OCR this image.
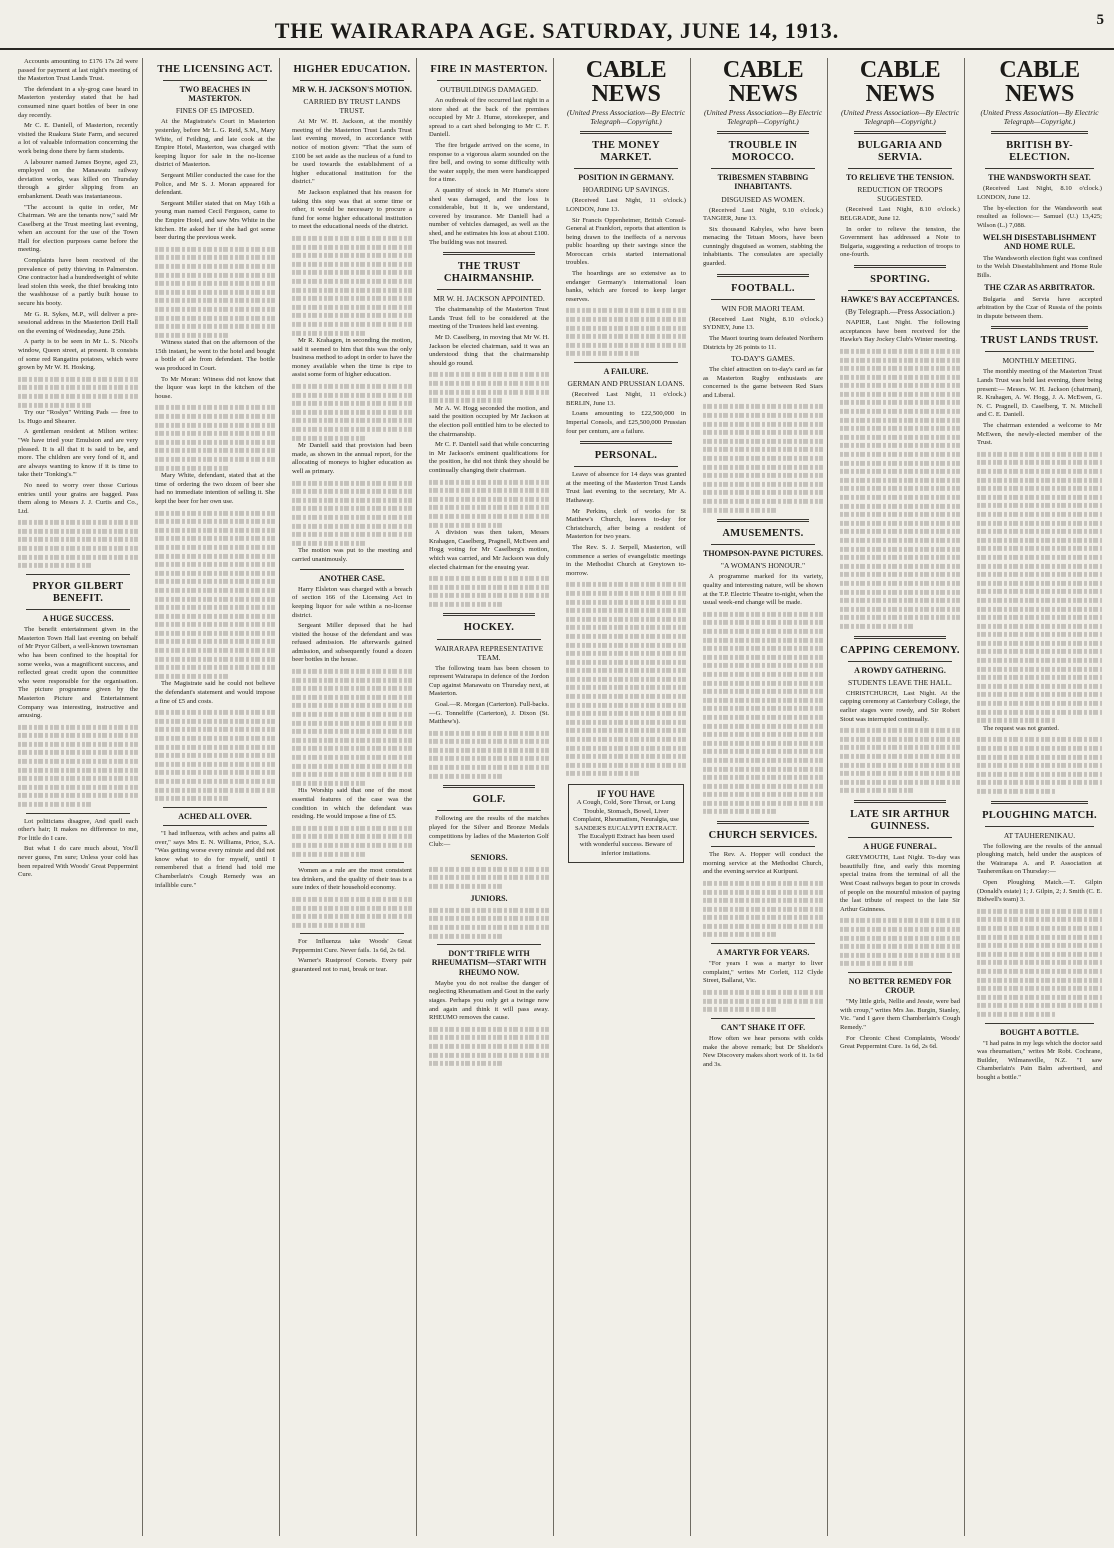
THE WAIRARAPA AGE. SATURDAY, JUNE 14, 1913.	5

Accounts amounting to £176 17s 2d were passed for payment at last night's meeting of the Masterton Trust Lands Trust.

The defendant in a sly-grog case heard in Masterton yesterday stated that he had consumed nine quart bottles of beer in one day recently.

Mr C. E. Daniell, of Masterton, recently visited the Ruakura State Farm, and secured a lot of valuable information concerning the work being done there by farm students.

A labourer named James Boyne, aged 23, employed on the Manawatu railway deviation works, was killed on Thursday through a girder slipping from an embankment. Death was instantaneous.

"The account is quite in order, Mr Chairman. We are the tenants now," said Mr Caselberg at the Trust meeting last evening, when an account for the use of the Town Hall for election purposes came before the meeting.

Complaints have been received of the prevalence of petty thieving in Palmerston. One contractor had a hundredweight of white lead stolen this week, the thief breaking into the washhouse of a partly built house to secure his booty.

Mr G. R. Sykes, M.P., will deliver a pre-sessional address in the Masterton Drill Hall on the evening of Wednesday, June 25th.

A party is to be seen in Mr L. S. Nicol's window, Queen street, at present. It consists of some red Rangatira potatoes, which were grown by Mr W. H. Hosking.

Try our "Roslyn" Writing Pads — free to 1s. Hugo and Shearer.

A gentleman resident at Milton writes: "We have tried your Emulsion and are very pleased. It is all that it is said to be, and more. The children are very fond of it, and are always wanting to know if it is time to take their 'Tonking's.'"

No need to worry over those Curious entries until your grains are bagged. Pass them along to Messrs J. J. Curtis and Co., Ltd.

PRYOR GILBERT BENEFIT.
A HUGE SUCCESS.

The benefit entertainment given in the Masterton Town Hall last evening on behalf of Mr Pryor Gilbert, a well-known townsman who has been confined to the hospital for some weeks, was a magnificent success, and reflected great credit upon the committee who were responsible for the organisation. The picture programme given by the Masterton Picture and Entertainment Company was interesting, instructive and amusing.

Lot politicians disagree, And quell each other's hair; It makes no difference to me, For little do I care.

But what I do care much about, You'll never guess, I'm sure; Unless your cold has been repaired With Woods' Great Peppermint Cure.

THE LICENSING ACT.
TWO BEACHES IN MASTERTON.
FINES OF £5 IMPOSED.

At the Magistrate's Court in Masterton yesterday, before Mr L. G. Reid, S.M., Mary White, of Feilding, and late cook at the Empire Hotel, Masterton, was charged with keeping liquor for sale in the no-license district of Masterton.

Sergeant Miller conducted the case for the Police, and Mr S. J. Moran appeared for defendant.

Sergeant Miller stated that on May 16th a young man named Cecil Ferguson, came to the Empire Hotel, and saw Mrs White in the kitchen. He asked her if she had got some beer during the previous week.

Witness stated that on the afternoon of the 15th instant, he went to the hotel and bought a bottle of ale from defendant. The bottle was produced in Court.

To Mr Moran: Witness did not know that the liquor was kept in the kitchen of the house.

Mary White, defendant, stated that at the time of ordering the two dozen of beer she had no immediate intention of selling it. She kept the beer for her own use.

The Magistrate said he could not believe the defendant's statement and would impose a fine of £5 and costs.

ACHED ALL OVER.

"I had influenza, with aches and pains all over," says Mrs E. N. Williams, Price, S.A. "Was getting worse every minute and did not know what to do for myself, until I remembered that a friend had told me Chamberlain's Cough Remedy was an infallible cure."

HIGHER EDUCATION.
MR W. H. JACKSON'S MOTION.
CARRIED BY TRUST LANDS TRUST.

At Mr W. H. Jackson, at the monthly meeting of the Masterton Trust Lands Trust last evening moved, in accordance with notice of motion given: "That the sum of £100 be set aside as the nucleus of a fund to be used towards the establishment of a higher educational institution for the district."

Mr Jackson explained that his reason for taking this step was that at some time or other, it would be necessary to procure a fund for some higher educational institution to meet the educational needs of the district.

Mr R. Krahagen, in seconding the motion, said it seemed to him that this was the only business method to adopt in order to have the money available when the time is ripe to assist some form of higher education.

Mr Daniell said that provision had been made, as shown in the annual report, for the allocating of moneys to higher education as well as primary.

The motion was put to the meeting and carried unanimously.

ANOTHER CASE.

Harry Elsleton was charged with a breach of section 166 of the Licensing Act in keeping liquor for sale within a no-license district.

Sergeant Miller deposed that he had visited the house of the defendant and was refused admission. He afterwards gained admission, and subsequently found a dozen beer bottles in the house.

His Worship said that one of the most essential features of the case was the condition in which the defendant was residing. He would impose a fine of £5.

Women as a rule are the most consistent tea drinkers, and the quality of their teas is a sure index of their household economy.

For Influenza take Woods' Great Peppermint Cure. Never fails. 1s 6d, 2s 6d.

Warner's Rustproof Corsets. Every pair guaranteed not to rust, break or tear.

FIRE IN MASTERTON.
OUTBUILDINGS DAMAGED.

An outbreak of fire occurred last night in a store shed at the back of the premises occupied by Mr J. Hume, storekeeper, and spread to a cart shed belonging to Mr C. F. Daniell.

The fire brigade arrived on the scene, in response to a vigorous alarm sounded on the fire bell, and owing to some difficulty with the water supply, the men were handicapped for a time.

A quantity of stock in Mr Hume's store shed was damaged, and the loss is considerable, but it is, we understand, covered by insurance. Mr Daniell had a number of vehicles damaged, as well as the shed, and he estimates his loss at about £100. The building was not insured.

THE TRUST CHAIRMANSHIP.
MR W. H. JACKSON APPOINTED.

The chairmanship of the Masterton Trust Lands Trust fell to be considered at the meeting of the Trustees held last evening.

Mr D. Caselberg, in moving that Mr W. H. Jackson be elected chairman, said it was an understood thing that the chairmanship should go round.

Mr A. W. Hogg seconded the motion, and said the position occupied by Mr Jackson at the election poll entitled him to be elected to the chairmanship.

Mr C. F. Daniell said that while concurring in Mr Jackson's eminent qualifications for the position, he did not think they should be continually changing their chairman.

A division was then taken, Messrs Krahagen, Caselberg, Pragnell, McEwen and Hogg voting for Mr Caselberg's motion, which was carried, and Mr Jackson was duly elected chairman for the ensuing year.

HOCKEY.
WAIRARAPA REPRESENTATIVE TEAM.

The following team has been chosen to represent Wairarapa in defence of the Jordon Cup against Manawatu on Thursday next, at Masterton.

Goal.—R. Morgan (Carterton). Full-backs.—G. Tonneliffe (Carterton), J. Dixon (St. Matthew's).

GOLF.

Following are the results of the matches played for the Silver and Bronze Medals competitions by ladies of the Masterton Golf Club:—

SENIORS.
JUNIORS.
DON'T TRIFLE WITH RHEUMATISM—START WITH RHEUMO NOW.

Maybe you do not realise the danger of neglecting Rheumatism and Gout in the early stages. Perhaps you only get a twinge now and again and think it will pass away. RHEUMO removes the cause.

CABLE NEWS
(United Press Association—By Electric Telegraph—Copyright.)
THE MONEY MARKET.
POSITION IN GERMANY.
HOARDING UP SAVINGS.

(Received Last Night, 11 o'clock.) LONDON, June 13.

Sir Francis Oppenheimer, British Consul-General at Frankfort, reports that attention is being drawn to the ineffects of a nervous public hoarding up their savings since the Moroccan crisis started international troubles.

The hoardings are so extensive as to endanger Germany's international loan banks, which are forced to keep larger reserves.

A FAILURE.
GERMAN AND PRUSSIAN LOANS.

(Received Last Night, 11 o'clock.) BERLIN, June 13.

Loans amounting to £22,500,000 in Imperial Consols, and £25,500,000 Prussian four per centum, are a failure.

PERSONAL.

Leave of absence for 14 days was granted at the meeting of the Masterton Trust Lands Trust last evening to the secretary, Mr A. Hathaway.

Mr Perkins, clerk of works for St Matthew's Church, leaves to-day for Christchurch, after being a resident of Masterton for two years.

The Rev. S. J. Serpell, Masterton, will commence a series of evangelistic meetings in the Methodist Church at Greytown to-morrow.

IF YOU HAVE
A Cough, Cold, Sore Throat, or Lung Trouble, Stomach, Bowel, Liver Complaint, Rheumatism, Neuralgia, use SANDER'S EUCALYPTI EXTRACT.
The Eucalypti Extract has been used with wonderful success. Beware of inferior imitations.
CABLE NEWS
(United Press Association—By Electric Telegraph—Copyright.)
TROUBLE IN MOROCCO.
TRIBESMEN STABBING INHABITANTS.
DISGUISED AS WOMEN.

(Received Last Night, 9.10 o'clock.) TANGIER, June 13.

Six thousand Kabyles, who have been menacing the Tetuan Moors, have been cunningly disguised as women, stabbing the inhabitants. The consulates are specially guarded.

FOOTBALL.
WIN FOR MAORI TEAM.

(Received Last Night, 8.10 o'clock.) SYDNEY, June 13.

The Maori touring team defeated Northern Districts by 26 points to 11.

TO-DAY'S GAMES.

The chief attraction on to-day's card as far as Masterton Rugby enthusiasts are concerned is the game between Red Stars and Liberal.

AMUSEMENTS.
THOMPSON-PAYNE PICTURES.
"A WOMAN'S HONOUR."

A programme marked for its variety, quality and interesting nature, will be shown at the T.P. Electric Theatre to-night, when the usual week-end change will be made.

CHURCH SERVICES.

The Rev. A. Hopper will conduct the morning service at the Methodist Church, and the evening service at Kuripuni.

A MARTYR FOR YEARS.

"For years I was a martyr to liver complaint," writes Mr Corlett, 112 Clyde Street, Ballarat, Vic.

CAN'T SHAKE IT OFF.

How often we hear persons with colds make the above remark; but Dr Sheldon's New Discovery makes short work of it. 1s 6d and 3s.

CABLE NEWS
(United Press Association—By Electric Telegraph—Copyright.)
BULGARIA AND SERVIA.
TO RELIEVE THE TENSION.
REDUCTION OF TROOPS SUGGESTED.

(Received Last Night, 8.10 o'clock.) BELGRADE, June 12.

In order to relieve the tension, the Government has addressed a Note to Bulgaria, suggesting a reduction of troops to one-fourth.

SPORTING.
HAWKE'S BAY ACCEPTANCES.
(By Telegraph.—Press Association.)

NAPIER, Last Night. The following acceptances have been received for the Hawke's Bay Jockey Club's Winter meeting.

CAPPING CEREMONY.
A ROWDY GATHERING.
STUDENTS LEAVE THE HALL.

CHRISTCHURCH, Last Night. At the capping ceremony at Canterbury College, the earlier stages were rowdy, and Sir Robert Stout was interrupted continually.

LATE SIR ARTHUR GUINNESS.
A HUGE FUNERAL.

GREYMOUTH, Last Night. To-day was beautifully fine, and early this morning special trains from the terminal of all the West Coast railways began to pour in crowds of people on the mournful mission of paying the last tribute of respect to the late Sir Arthur Guinness.

NO BETTER REMEDY FOR CROUP.

"My little girls, Nellie and Jessie, were bad with croup," writes Mrs Jas. Burgin, Stanley, Vic. "and I gave them Chamberlain's Cough Remedy."

For Chronic Chest Complaints, Woods' Great Peppermint Cure. 1s 6d, 2s 6d.

CABLE NEWS
(United Press Association—By Electric Telegraph—Copyright.)
BRITISH BY-ELECTION.
THE WANDSWORTH SEAT.

(Received Last Night, 8.10 o'clock.) LONDON, June 12.

The by-election for the Wandsworth seat resulted as follows:— Samuel (U.) 13,425; Wilson (L.) 7,088.

WELSH DISESTABLISHMENT AND HOME RULE.

The Wandsworth election fight was confined to the Welsh Disestablishment and Home Rule Bills.

THE CZAR AS ARBITRATOR.

Bulgaria and Servia have accepted arbitration by the Czar of Russia of the points in dispute between them.

TRUST LANDS TRUST.
MONTHLY MEETING.

The monthly meeting of the Masterton Trust Lands Trust was held last evening, there being present:— Messrs. W. H. Jackson (chairman), R. Krahagen, A. W. Hogg, J. A. McEwen, G. N. C. Pragnell, D. Caselberg, T. N. Mitchell and C. E. Daniell.

The chairman extended a welcome to Mr McEwen, the newly-elected member of the Trust.

The request was not granted.

PLOUGHING MATCH.
AT TAUHERENIKAU.

The following are the results of the annual ploughing match, held under the auspices of the Wairarapa A. and P. Association at Tauherenikau on Thursday:—

Open Ploughing Match.—T. Gilpin (Donald's estate) 1; J. Gilpin, 2; J. Smith (C. E. Bidwell's team) 3.

BOUGHT A BOTTLE.

"I had pains in my legs which the doctor said was rheumatism," writes Mr Robt. Cochrane, Builder, Wilmansville, N.Z. "I saw Chamberlain's Pain Balm advertised, and bought a bottle."
